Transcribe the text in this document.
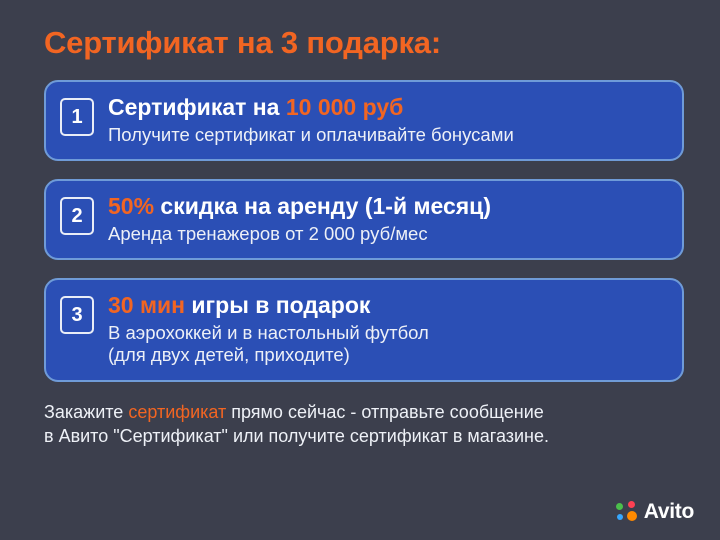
Сертификат на 3 подарка:
1	Сертификат на 10 000 руб
Получите сертификат и оплачивайте бонусами
2	50% скидка на аренду (1-й месяц)
Аренда тренажеров от 2 000 руб/мес
3	30 мин игры в подарок
В аэрохоккей и в настольный футбол
(для двух детей, приходите)
Закажите сертификат прямо сейчас - отправьте сообщение
в Авито "Сертификат" или получите сертификат в магазине.
Avito
